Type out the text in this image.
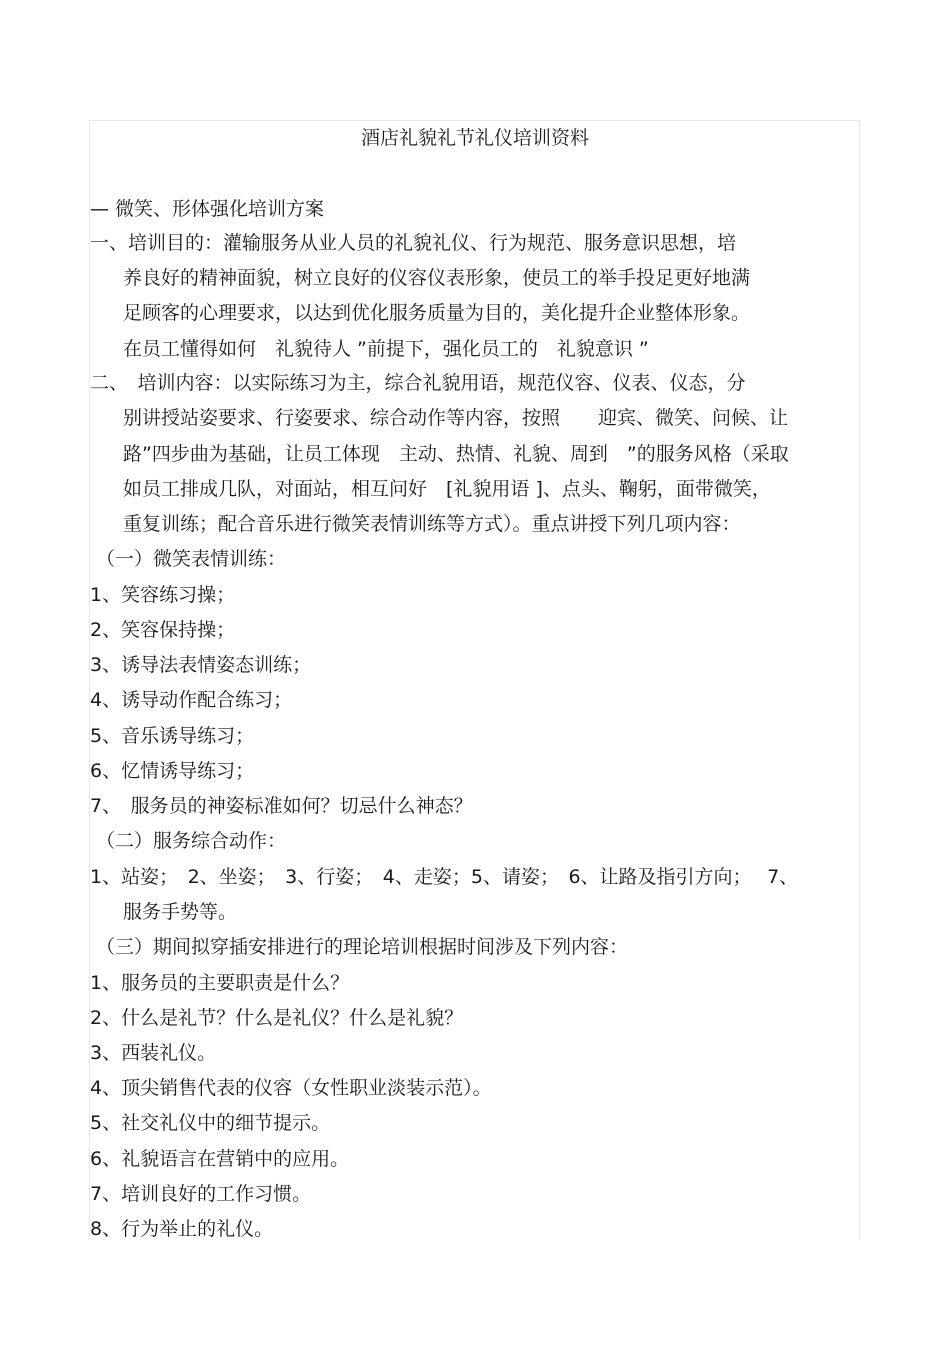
酒店礼貌礼节礼仪培训资料
— 微笑、形体强化培训方案
一、培训目的：灌输服务从业人员的礼貌礼仪、行为规范、服务意识思想，培
养良好的精神面貌，树立良好的仪容仪表形象，使员工的举手投足更好地满
足顾客的心理要求，以达到优化服务质量为目的，美化提升企业整体形象。
在员工懂得如何　礼貌待人 ”前提下，强化员工的　礼貌意识 ”
二、　培训内容：以实际练习为主，综合礼貌用语，规范仪容、仪表、仪态，分
别讲授站姿要求、行姿要求、综合动作等内容，按照　　迎宾、微笑、问候、让
路”四步曲为基础，让员工体现　主动、热情、礼貌、周到　”的服务风格（采取
如员工排成几队，对面站，相互问好　[礼貌用语 ]、点头、鞠躬，面带微笑，
重复训练；配合音乐进行微笑表情训练等方式）。重点讲授下列几项内容：
（一）微笑表情训练：
1、笑容练习操；
2、笑容保持操；
3、诱导法表情姿态训练；
4、诱导动作配合练习；
5、音乐诱导练习；
6、忆情诱导练习；
7、　服务员的神姿标准如何？切忌什么神态？
（二）服务综合动作：
1、站姿；　2、坐姿；　3、行姿；　4、走姿；5、请姿；　6、让路及指引方向；　 7、
服务手势等。
（三）期间拟穿插安排进行的理论培训根据时间涉及下列内容：
1、服务员的主要职责是什么？
2、什么是礼节？什么是礼仪？什么是礼貌？
3、西装礼仪。
4、顶尖销售代表的仪容（女性职业淡装示范）。
5、社交礼仪中的细节提示。
6、礼貌语言在营销中的应用。
7、培训良好的工作习惯。
8、行为举止的礼仪。
